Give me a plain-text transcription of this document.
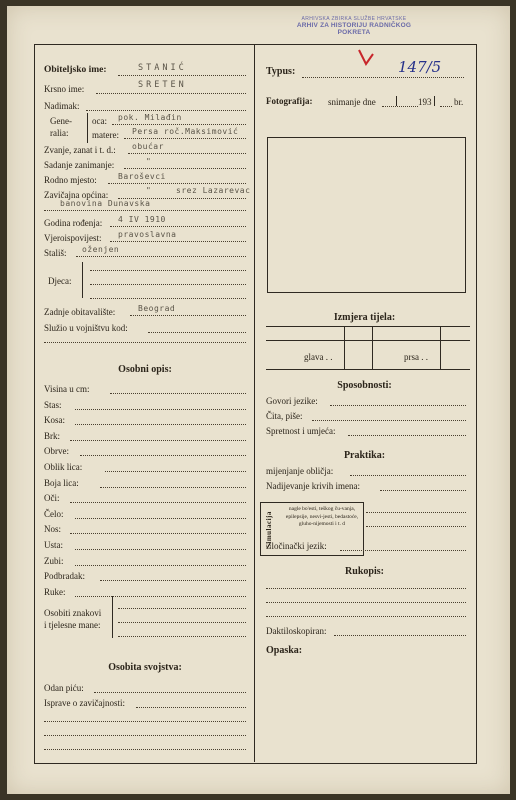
ARHIVSKA ZBIRKA SLUŽBE HRVATSKE
ARHIV ZA HISTORIJU RADNIČKOG POKRETA
Obiteljsko ime:	STANIĆ
Krsno ime:	SRETEN
Nadimak:
Gene-
ralia:
oca: pok. Milađin
matere: Persa roč.Maksimović
Zvanje, zanat i t. d.: obućar
Sadanje zanimanje:	"
Rodno mjesto:	Baroševci
Zavičajna općina:	"	srez Lazarevac
banovina Dunavska
Godina rođenja: 4 IV 1910
Vjeroispovijest: pravoslavna
Stališ: oženjen
Djeca:
Zadnje obitavalište:	Beograd
Služio u vojništvu kod:
Osobni opis:
Visina u cm:
Stas:
Kosa:
Brk:
Obrve:
Oblik lica:
Boja lica:
Oči:
Čelo:
Nos:
Usta:
Zubi:
Podbradak:
Ruke:
Osobiti znakovi
i tjelesne mane:
Osobita svojstva:
Odan piću:
Isprave o zavičajnosti:
Typus:	147/5
Fotografija: snimanje dne	193	br.
Izmjera tijela:
glava . .	prsa . .
Sposobnosti:
Govori jezike:
Čita, piše:
Spretnost i umjeća:
Praktika:
mijenjanje obličja:
Nadijevanje krivih imena:
Simulacija
nagle bo'esti, teškog ču-vanja, epilepsije, nesvi-jesti, bedastoće, gluho-nijemosti i t. d
Zločinački jezik:
Rukopis:
Daktiloskopiran:
Opaska:
